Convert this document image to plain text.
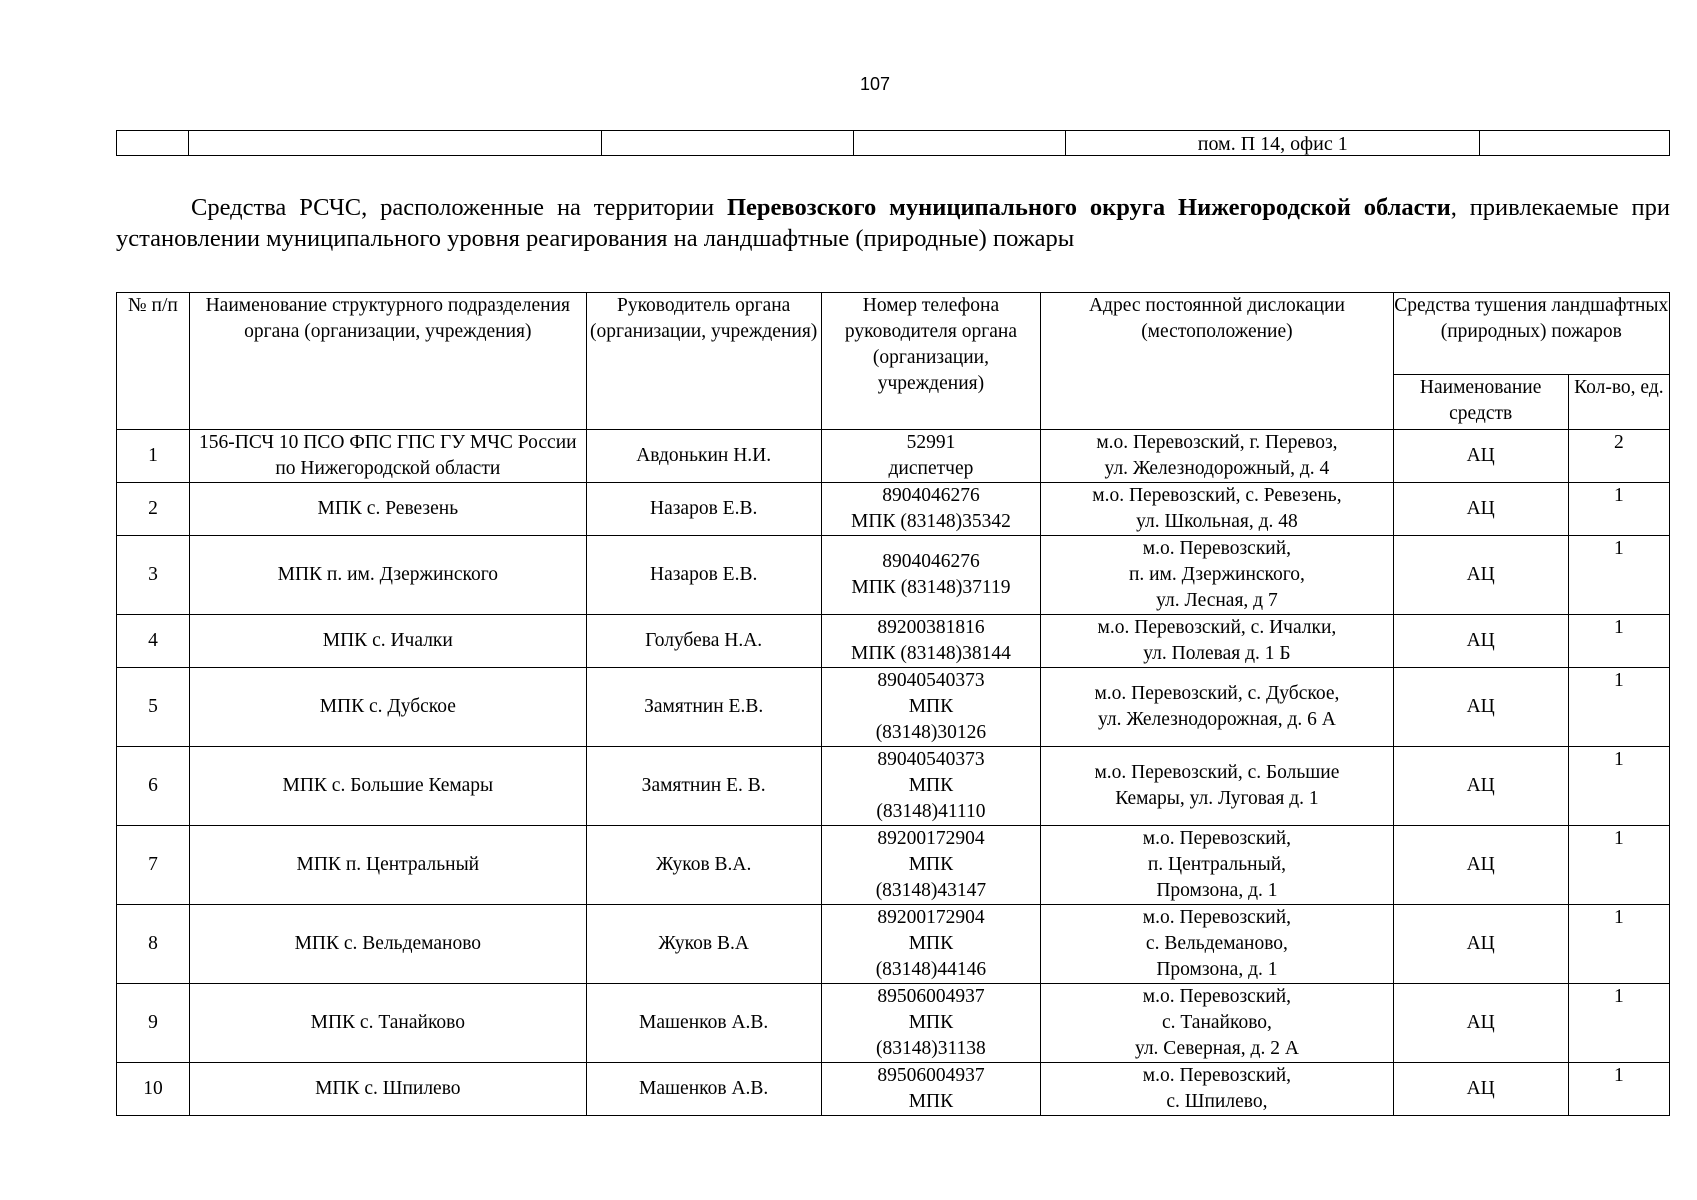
107
				пом. П 14, офис 1	
Средства РСЧС, расположенные на территории Перевозского муниципального округа Нижегородской области, привлекаемые при установлении муниципального уровня реагирования на ландшафтные (природные) пожары
№ п/п	Наименование структурного подразделения органа (организации, учреждения)	Руководитель органа (организации, учреждения)	Номер телефона руководителя органа (организации, учреждения)	Адрес постоянной дислокации (местоположение)	Средства тушения ландшафтных (природных) пожаров	
					Наименование средств	Кол-во, ед.
1	156-ПСЧ 10 ПСО ФПС ГПС ГУ МЧС России по Нижегородской области	Авдонькин Н.И.	52991
диспетчер	м.о. Перевозский, г. Перевоз,
ул. Железнодорожный, д. 4	АЦ	2
2	МПК с. Ревезень	Назаров Е.В.	8904046276
МПК (83148)35342	м.о. Перевозский, с. Ревезень,
ул. Школьная, д. 48	АЦ	1
3	МПК п. им. Дзержинского	Назаров Е.В.	8904046276
МПК (83148)37119	м.о. Перевозский,
п. им. Дзержинского,
ул. Лесная, д 7	АЦ	1
4	МПК с. Ичалки	Голубева Н.А.	89200381816
МПК (83148)38144	м.о. Перевозский, с. Ичалки,
ул. Полевая д. 1 Б	АЦ	1
5	МПК с. Дубское	Замятнин Е.В.	89040540373
МПК
(83148)30126	м.о. Перевозский, с. Дубское,
ул. Железнодорожная, д. 6 А	АЦ	1
6	МПК с. Большие Кемары	Замятнин Е. В.	89040540373
МПК
(83148)41110	м.о. Перевозский, с. Большие
Кемары, ул. Луговая д. 1	АЦ	1
7	МПК п. Центральный	Жуков В.А.	89200172904
МПК
(83148)43147	м.о. Перевозский,
п. Центральный,
Промзона, д. 1	АЦ	1
8	МПК с. Вельдеманово	Жуков В.А	89200172904
МПК
(83148)44146	м.о. Перевозский,
с. Вельдеманово,
Промзона, д. 1	АЦ	1
9	МПК с. Танайково	Машенков А.В.	89506004937
МПК
(83148)31138	м.о. Перевозский,
с. Танайково,
ул. Северная, д. 2 А	АЦ	1
10	МПК с. Шпилево	Машенков А.В.	89506004937
МПК	м.о. Перевозский,
с. Шпилево,	АЦ	1
